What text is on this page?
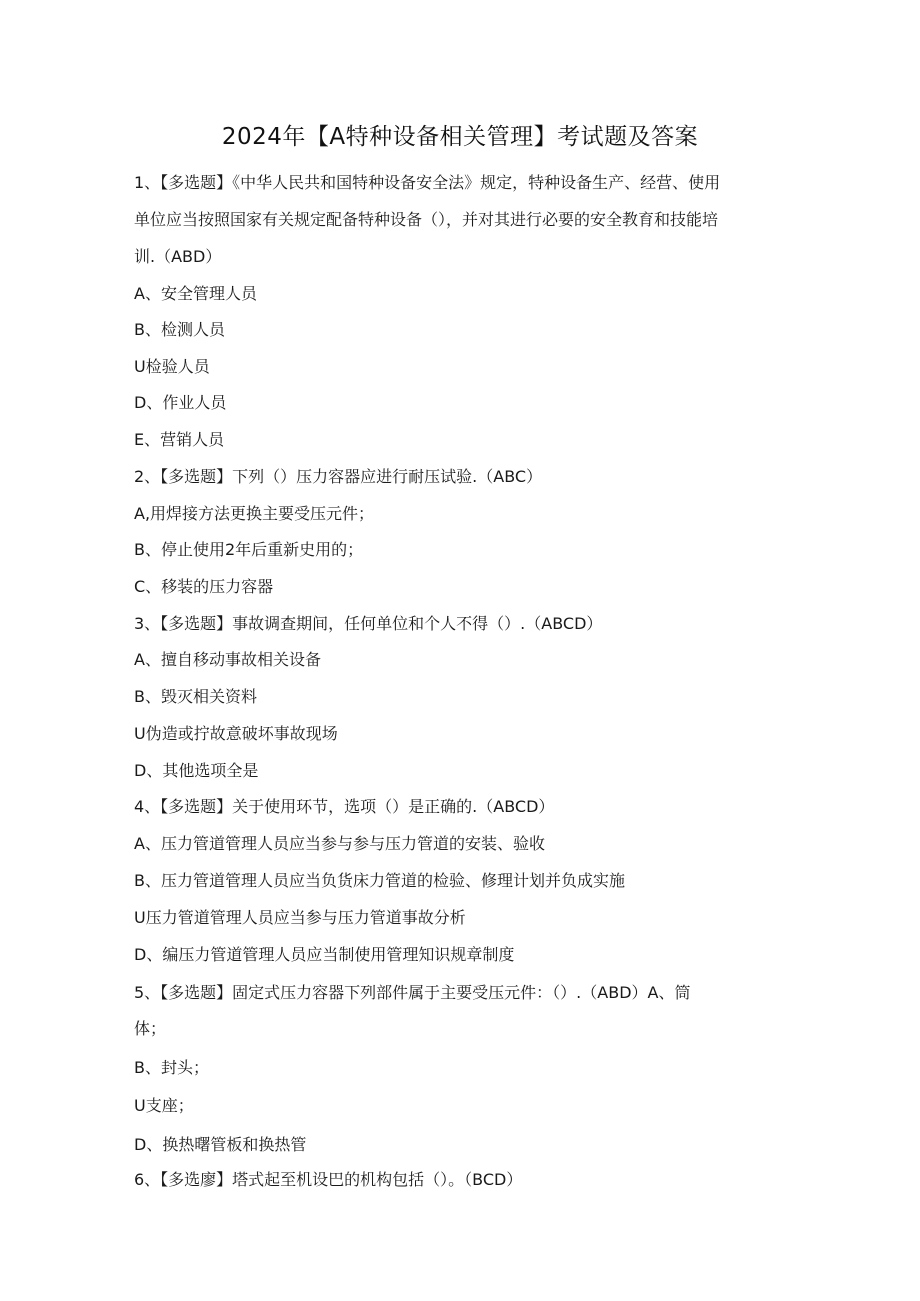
2024年【A特种设备相关管理】考试题及答案
1、【多选题】《中华人民共和国特种设备安全法》规定，特种设备生产、经营、使用
单位应当按照国家有关规定配备特种设备（），并对其进行必要的安全教育和技能培
训.（ABD）
A、安全管理人员
B、检测人员
U检验人员
D、作业人员
E、营销人员
2、【多选题】下列（）压力容器应进行耐压试验.（ABC）
A,用焊接方法更换主要受压元件；
B、停止使用2年后重新史用的；
C、移装的压力容器
3、【多选题】事故调查期间，任何单位和个人不得（）.（ABCD）
A、擅自移动事故相关设备
B、毁灭相关资料
U伪造或拧故意破坏事故现场
D、其他选项全是
4、【多选题】关于使用环节，选项（）是正确的.（ABCD）
A、压力管道管理人员应当参与参与压力管道的安装、验收
B、压力管道管理人员应当负货床力管道的检验、修理计划并负成实施
U压力管道管理人员应当参与压力管道事故分析
D、编压力管道管理人员应当制使用管理知识规章制度
5、【多选题】固定式压力容器下列部件属于主要受压元件：（）.（ABD）A、筒
体；
B、封头；
U支座；
D、换热曙管板和换热管
6、【多选廖】塔式起至机设巴的机构包括（）。（BCD）
